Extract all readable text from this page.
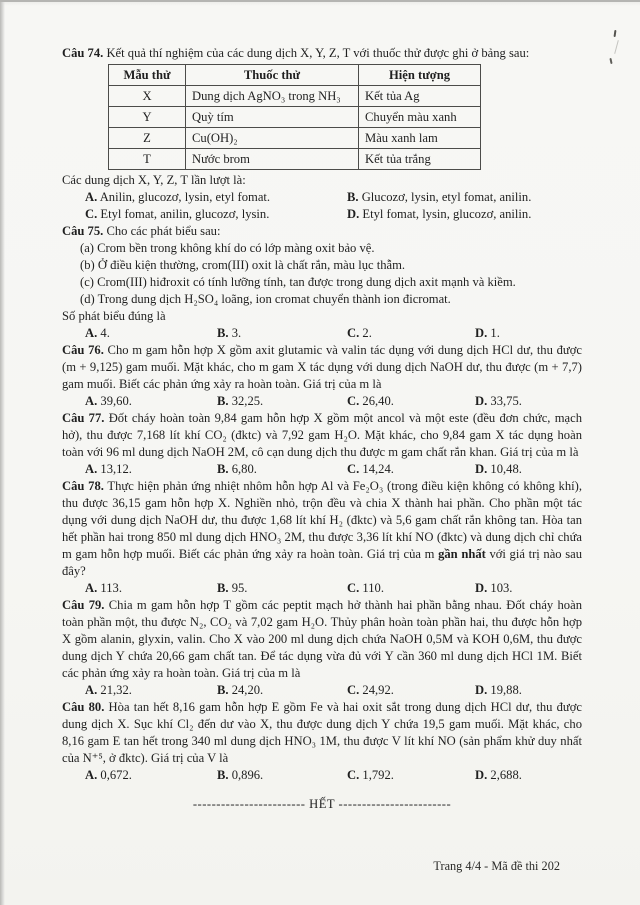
Câu 74. Kết quả thí nghiệm của các dung dịch X, Y, Z, T với thuốc thử được ghi ở bảng sau:
Mẫu thử	Thuốc thử	Hiện tượng
X	Dung dịch AgNO₃ trong NH₃	Kết tủa Ag
Y	Quỳ tím	Chuyển màu xanh
Z	Cu(OH)₂	Màu xanh lam
T	Nước brom	Kết tủa trắng
Các dung dịch X, Y, Z, T lần lượt là:
A. Anilin, glucozơ, lysin, etyl fomat.	B. Glucozơ, lysin, etyl fomat, anilin.
C. Etyl fomat, anilin, glucozơ, lysin.	D. Etyl fomat, lysin, glucozơ, anilin.
Câu 75. Cho các phát biểu sau:
(a) Crom bền trong không khí do có lớp màng oxit bảo vệ.
(b) Ở điều kiện thường, crom(III) oxit là chất rắn, màu lục thẫm.
(c) Crom(III) hiđroxit có tính lưỡng tính, tan được trong dung dịch axit mạnh và kiềm.
(d) Trong dung dịch H₂SO₄ loãng, ion cromat chuyển thành ion đicromat.
Số phát biểu đúng là
A. 4.	B. 3.	C. 2.	D. 1.
Câu 76. Cho m gam hỗn hợp X gồm axit glutamic và valin tác dụng với dung dịch HCl dư, thu được (m + 9,125) gam muối. Mặt khác, cho m gam X tác dụng với dung dịch NaOH dư, thu được (m + 7,7) gam muối. Biết các phản ứng xảy ra hoàn toàn. Giá trị của m là
A. 39,60.	B. 32,25.	C. 26,40.	D. 33,75.
Câu 77. Đốt cháy hoàn toàn 9,84 gam hỗn hợp X gồm một ancol và một este (đều đơn chức, mạch hở), thu được 7,168 lít khí CO₂ (đktc) và 7,92 gam H₂O. Mặt khác, cho 9,84 gam X tác dụng hoàn toàn với 96 ml dung dịch NaOH 2M, cô cạn dung dịch thu được m gam chất rắn khan. Giá trị của m là
A. 13,12.	B. 6,80.	C. 14,24.	D. 10,48.
Câu 78. Thực hiện phản ứng nhiệt nhôm hỗn hợp Al và Fe₂O₃ (trong điều kiện không có không khí), thu được 36,15 gam hỗn hợp X. Nghiền nhỏ, trộn đều và chia X thành hai phần. Cho phần một tác dụng với dung dịch NaOH dư, thu được 1,68 lít khí H₂ (đktc) và 5,6 gam chất rắn không tan. Hòa tan hết phần hai trong 850 ml dung dịch HNO₃ 2M, thu được 3,36 lít khí NO (đktc) và dung dịch chỉ chứa m gam hỗn hợp muối. Biết các phản ứng xảy ra hoàn toàn. Giá trị của m gần nhất với giá trị nào sau đây?
A. 113.	B. 95.	C. 110.	D. 103.
Câu 79. Chia m gam hỗn hợp T gồm các peptit mạch hở thành hai phần bằng nhau. Đốt cháy hoàn toàn phần một, thu được N₂, CO₂ và 7,02 gam H₂O. Thủy phân hoàn toàn phần hai, thu được hỗn hợp X gồm alanin, glyxin, valin. Cho X vào 200 ml dung dịch chứa NaOH 0,5M và KOH 0,6M, thu được dung dịch Y chứa 20,66 gam chất tan. Để tác dụng vừa đủ với Y cần 360 ml dung dịch HCl 1M. Biết các phản ứng xảy ra hoàn toàn. Giá trị của m là
A. 21,32.	B. 24,20.	C. 24,92.	D. 19,88.
Câu 80. Hòa tan hết 8,16 gam hỗn hợp E gồm Fe và hai oxit sắt trong dung dịch HCl dư, thu được dung dịch X. Sục khí Cl₂ đến dư vào X, thu được dung dịch Y chứa 19,5 gam muối. Mặt khác, cho 8,16 gam E tan hết trong 340 ml dung dịch HNO₃ 1M, thu được V lít khí NO (sản phẩm khử duy nhất của N⁺⁵, ở đktc). Giá trị của V là
A. 0,672.	B. 0,896.	C. 1,792.	D. 2,688.
------------------------ HẾT ------------------------
Trang 4/4 - Mã đề thi 202
